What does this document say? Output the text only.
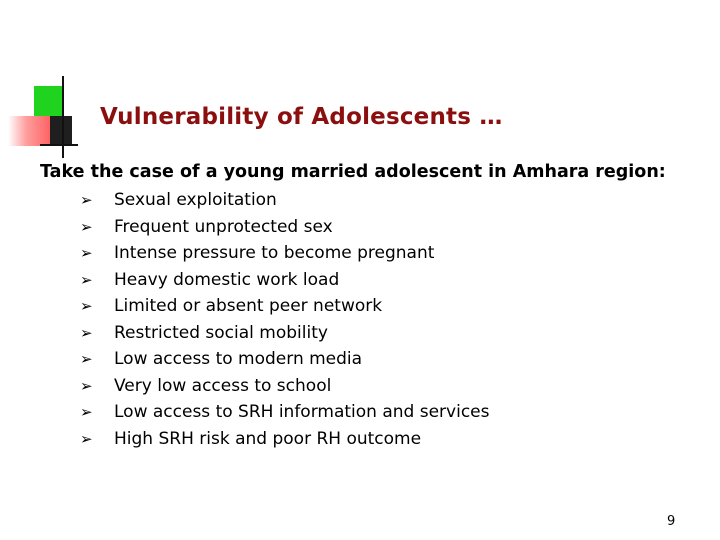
Vulnerability of Adolescents …

Take the case of a young married adolescent in Amhara region:

➢	Sexual exploitation
➢	Frequent unprotected sex
➢	Intense pressure to become pregnant
➢	Heavy domestic work load
➢	Limited or absent peer network
➢	Restricted social mobility
➢	Low access to modern media
➢	Very low access to school
➢	Low access to SRH information and services
➢	High SRH risk and poor RH outcome
9
